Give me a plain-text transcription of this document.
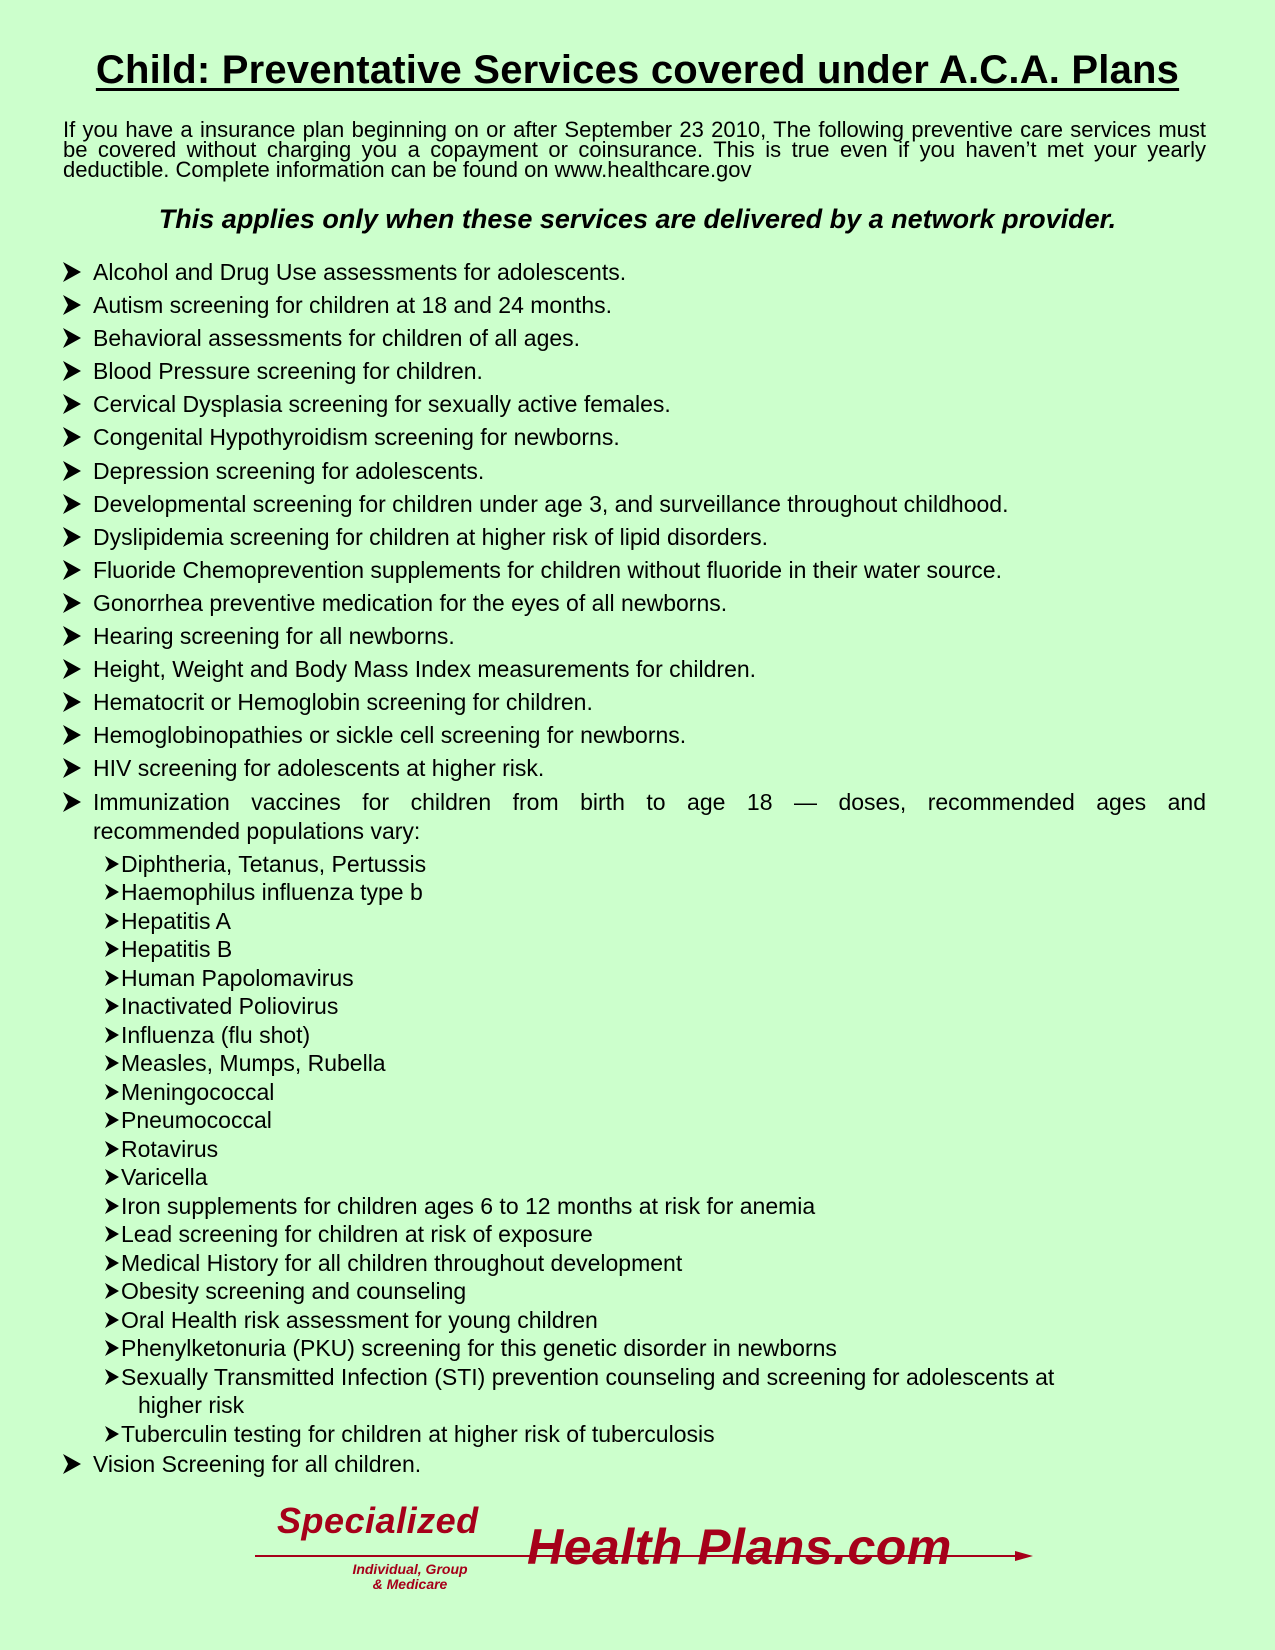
Child: Preventative Services covered under A.C.A. Plans
If you have a insurance plan beginning on or after September 23 2010, The following preventive care services must be covered without charging you a copayment or coinsurance. This is true even if you haven’t met your yearly deductible. Complete information can be found on www.healthcare.gov
This applies only when these services are delivered by a network provider.
Alcohol and Drug Use assessments for adolescents.
Autism screening for children at 18 and 24 months.
Behavioral assessments for children of all ages.
Blood Pressure screening for children.
Cervical Dysplasia screening for sexually active females.
Congenital Hypothyroidism screening for newborns.
Depression screening for adolescents.
Developmental screening for children under age 3, and surveillance throughout childhood.
Dyslipidemia screening for children at higher risk of lipid disorders.
Fluoride Chemoprevention supplements for children without fluoride in their water source.
Gonorrhea preventive medication for the eyes of all newborns.
Hearing screening for all newborns.
Height, Weight and Body Mass Index measurements for children.
Hematocrit or Hemoglobin screening for children.
Hemoglobinopathies or sickle cell screening for newborns.
HIV screening for adolescents at higher risk.
Immunization vaccines for children from birth to age 18 — doses, recommended ages and
recommended populations vary:
Diphtheria, Tetanus, Pertussis
Haemophilus influenza type b
Hepatitis A
Hepatitis B
Human Papolomavirus
Inactivated Poliovirus
Influenza (flu shot)
Measles, Mumps, Rubella
Meningococcal
Pneumococcal
Rotavirus
Varicella
Iron supplements for children ages 6 to 12 months at risk for anemia
Lead screening for children at risk of exposure
Medical History for all children throughout development
Obesity screening and counseling
Oral Health risk assessment for young children
Phenylketonuria (PKU) screening for this genetic disorder in newborns
Sexually Transmitted Infection (STI) prevention counseling and screening for adolescents at
higher risk
Tuberculin testing for children at higher risk of tuberculosis
Vision Screening for all children.
Specialized Health Plans.com
Individual, Group
& Medicare
